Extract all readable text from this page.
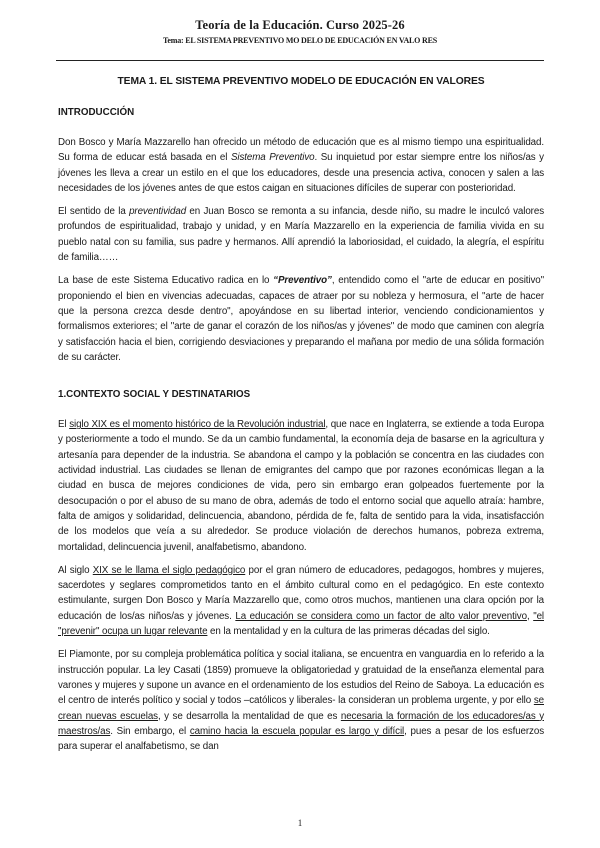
Teoría de la Educación. Curso 2025-26
Tema: EL SISTEMA PREVENTIVO MO DELO DE EDUCACIÓN EN VALO RES
TEMA 1. EL SISTEMA PREVENTIVO MODELO DE EDUCACIÓN EN VALORES
INTRODUCCIÓN

Don Bosco y María Mazzarello han ofrecido un método de educación que es al mismo tiempo una espiritualidad. Su forma de educar está basada en el Sistema Preventivo. Su inquietud por estar siempre entre los niños/as y jóvenes les lleva a crear un estilo en el que los educadores, desde una presencia activa, conocen y salen a las necesidades de los jóvenes antes de que estos caigan en situaciones difíciles de superar con posterioridad.

El sentido de la preventividad en Juan Bosco se remonta a su infancia, desde niño, su madre le inculcó valores profundos de espiritualidad, trabajo y unidad, y en María Mazzarello en la experiencia de familia vivida en su pueblo natal con su familia, sus padre y hermanos. Allí aprendió la laboriosidad, el cuidado, la alegría, el espíritu de familia……

La base de este Sistema Educativo radica en lo “Preventivo”, entendido como el "arte de educar en positivo" proponiendo el bien en vivencias adecuadas, capaces de atraer por su nobleza y hermosura, el "arte de hacer que la persona crezca desde dentro", apoyándose en su libertad interior, venciendo condicionamientos y formalismos exteriores; el "arte de ganar el corazón de los niños/as y jóvenes" de modo que caminen con alegría y satisfacción hacia el bien, corrigiendo desviaciones y preparando el mañana por medio de una sólida formación de su carácter.

1.CONTEXTO SOCIAL Y DESTINATARIOS

El siglo XIX es el momento histórico de la Revolución industrial, que nace en Inglaterra, se extiende a toda Europa y posteriormente a todo el mundo. Se da un cambio fundamental, la economía deja de basarse en la agricultura y artesanía para depender de la industria. Se abandona el campo y la población se concentra en las ciudades con actividad industrial. Las ciudades se llenan de emigrantes del campo que por razones económicas llegan a la ciudad en busca de mejores condiciones de vida, pero sin embargo eran golpeados fuertemente por la desocupación o por el abuso de su mano de obra, además de todo el entorno social que aquello atraía: hambre, falta de amigos y solidaridad, delincuencia, abandono, pérdida de fe, falta de sentido para la vida, insatisfacción de los modelos que veía a su alrededor. Se produce violación de derechos humanos, pobreza extrema, mortalidad, delincuencia juvenil, analfabetismo, abandono.

Al siglo XIX se le llama el siglo pedagógico por el gran número de educadores, pedagogos, hombres y mujeres, sacerdotes y seglares comprometidos tanto en el ámbito cultural como en el pedagógico. En este contexto estimulante, surgen Don Bosco y María Mazzarello que, como otros muchos, mantienen una clara opción por la educación de los/as niños/as y jóvenes. La educación se considera como un factor de alto valor preventivo, "el "prevenir" ocupa un lugar relevante en la mentalidad y en la cultura de las primeras décadas del siglo.

El Piamonte, por su compleja problemática política y social italiana, se encuentra en vanguardia en lo referido a la instrucción popular. La ley Casati (1859) promueve la obligatoriedad y gratuidad de la enseñanza elemental para varones y mujeres y supone un avance en el ordenamiento de los estudios del Reino de Saboya. La educación es el centro de interés político y social y todos –católicos y liberales- la consideran un problema urgente, y por ello se crean nuevas escuelas, y se desarrolla la mentalidad de que es necesaria la formación de los educadores/as y maestros/as. Sin embargo, el camino hacia la escuela popular es largo y difícil, pues a pesar de los esfuerzos para superar el analfabetismo, se dan

1
